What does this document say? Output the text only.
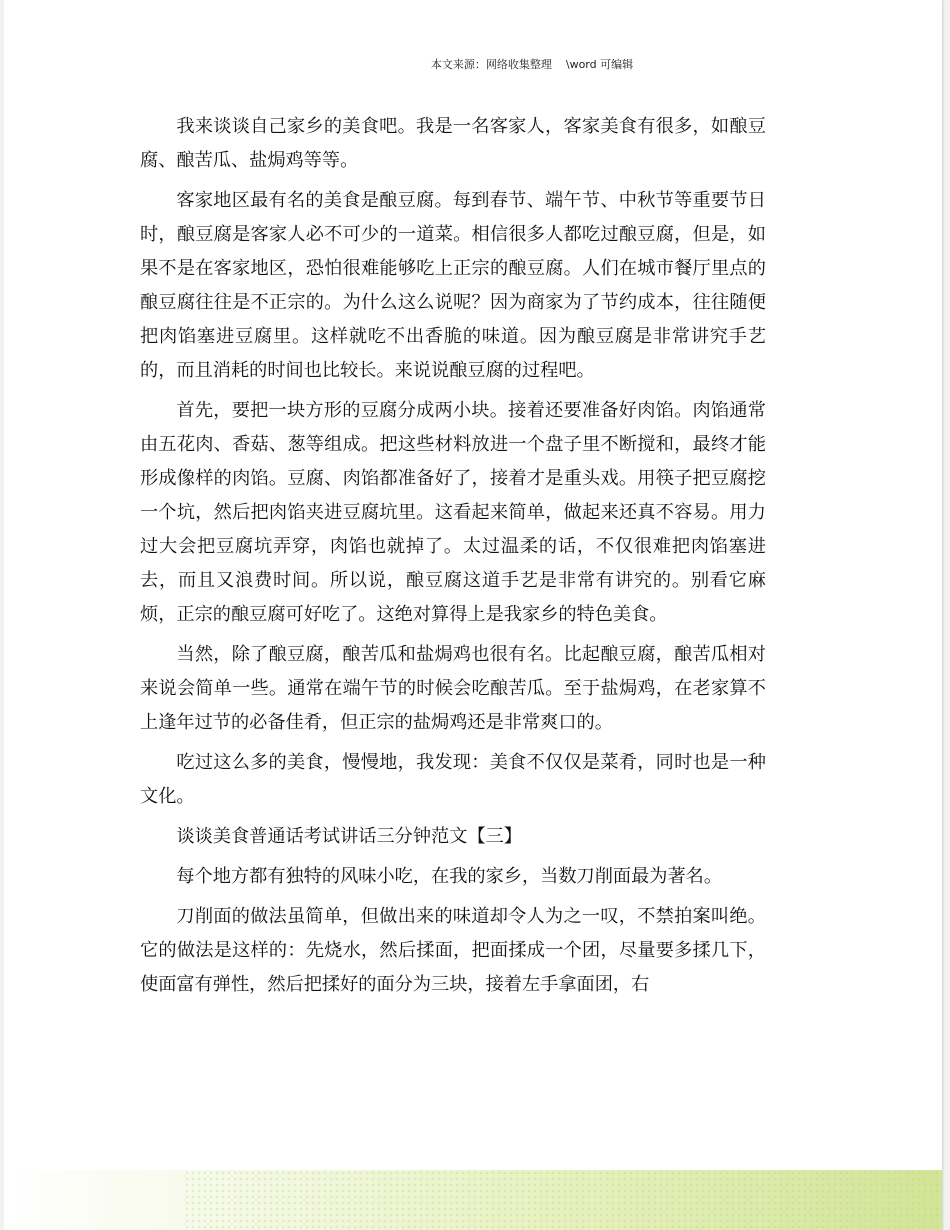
本文来源：网络收集整理 \word 可编辑

我来谈谈自己家乡的美食吧。我是一名客家人，客家美食有很多，如酿豆腐、酿苦瓜、盐焗鸡等等。

客家地区最有名的美食是酿豆腐。每到春节、端午节、中秋节等重要节日时，酿豆腐是客家人必不可少的一道菜。相信很多人都吃过酿豆腐，但是，如果不是在客家地区，恐怕很难能够吃上正宗的酿豆腐。人们在城市餐厅里点的酿豆腐往往是不正宗的。为什么这么说呢？因为商家为了节约成本，往往随便把肉馅塞进豆腐里。这样就吃不出香脆的味道。因为酿豆腐是非常讲究手艺的，而且消耗的时间也比较长。来说说酿豆腐的过程吧。

首先，要把一块方形的豆腐分成两小块。接着还要准备好肉馅。肉馅通常由五花肉、香菇、葱等组成。把这些材料放进一个盘子里不断搅和，最终才能形成像样的肉馅。豆腐、肉馅都准备好了，接着才是重头戏。用筷子把豆腐挖一个坑，然后把肉馅夹进豆腐坑里。这看起来简单，做起来还真不容易。用力过大会把豆腐坑弄穿，肉馅也就掉了。太过温柔的话，不仅很难把肉馅塞进去，而且又浪费时间。所以说，酿豆腐这道手艺是非常有讲究的。别看它麻烦，正宗的酿豆腐可好吃了。这绝对算得上是我家乡的特色美食。

当然，除了酿豆腐，酿苦瓜和盐焗鸡也很有名。比起酿豆腐，酿苦瓜相对来说会简单一些。通常在端午节的时候会吃酿苦瓜。至于盐焗鸡，在老家算不上逢年过节的必备佳肴，但正宗的盐焗鸡还是非常爽口的。

吃过这么多的美食，慢慢地，我发现：美食不仅仅是菜肴，同时也是一种文化。

谈谈美食普通话考试讲话三分钟范文【三】

每个地方都有独特的风味小吃，在我的家乡，当数刀削面最为著名。

刀削面的做法虽简单，但做出来的味道却令人为之一叹，不禁拍案叫绝。它的做法是这样的：先烧水，然后揉面，把面揉成一个团，尽量要多揉几下，使面富有弹性，然后把揉好的面分为三块，接着左手拿面团，右
